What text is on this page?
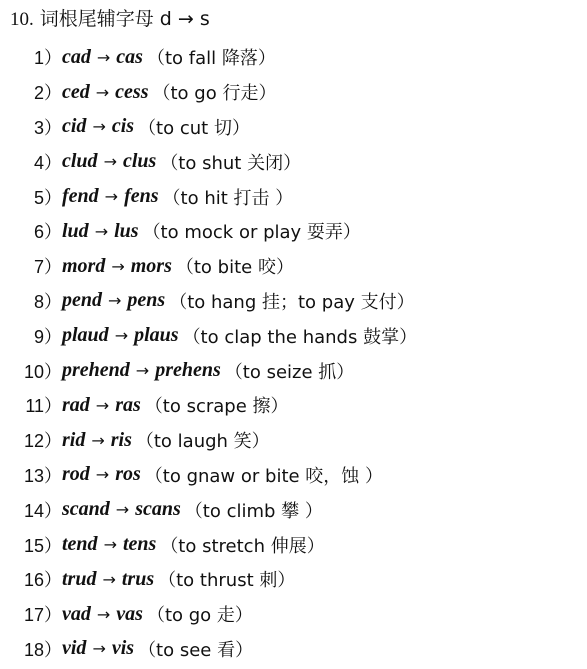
10. 词根尾辅字母 d → s
1） cad → cas （to fall 降落）
2） ced → cess （to go 行走）
3） cid → cis （to cut 切）
4） clud → clus （to shut 关闭）
5） fend → fens （to hit 打击 ）
6） lud → lus （to mock or play 耍弄）
7） mord → mors （to bite 咬）
8） pend → pens （to hang 挂；to pay 支付）
9） plaud → plaus （to clap the hands 鼓掌）
10） prehend → prehens （to seize 抓）
11） rad → ras （to scrape 擦）
12） rid → ris （to laugh 笑）
13） rod → ros （to gnaw or bite 咬，蚀 ）
14） scand → scans （to climb 攀 ）
15） tend → tens （to stretch 伸展）
16） trud → trus （to thrust 刺）
17） vad → vas （to go 走）
18） vid → vis （to see 看）
